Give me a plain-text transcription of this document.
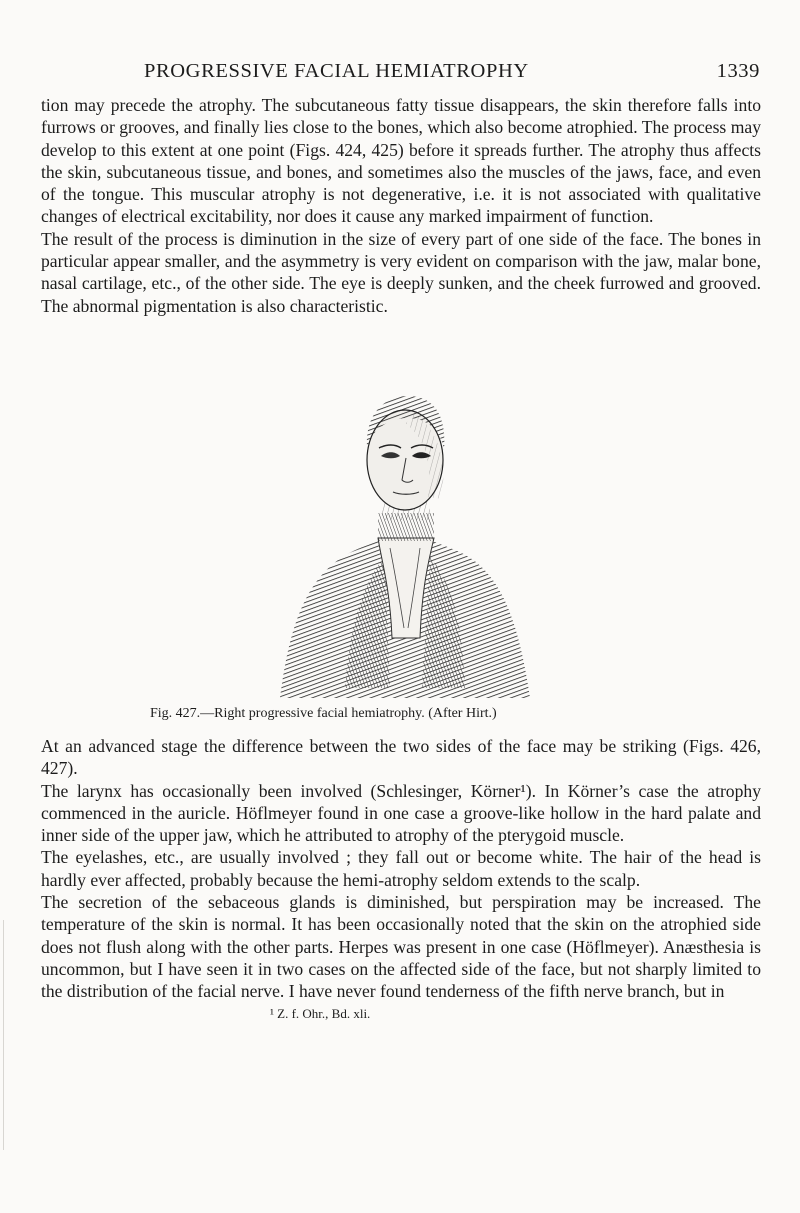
PROGRESSIVE FACIAL HEMIATROPHY	1339

tion may precede the atrophy. The subcutaneous fatty tissue disappears, the skin therefore falls into furrows or grooves, and finally lies close to the bones, which also become atrophied. The process may develop to this extent at one point (Figs. 424, 425) before it spreads further. The atrophy thus affects the skin, subcutaneous tissue, and bones, and sometimes also the muscles of the jaws, face, and even of the tongue. This muscular atrophy is not degenerative, i.e. it is not associated with qualitative changes of electrical excitability, nor does it cause any marked impairment of function.

The result of the process is diminution in the size of every part of one side of the face. The bones in particular appear smaller, and the asymmetry is very evident on comparison with the jaw, malar bone, nasal cartilage, etc., of the other side. The eye is deeply sunken, and the cheek furrowed and grooved. The abnormal pigmentation is also characteristic.

Fig. 427.—Right progressive facial hemiatrophy. (After Hirt.)

At an advanced stage the difference between the two sides of the face may be striking (Figs. 426, 427).

The larynx has occasionally been involved (Schlesinger, Körner¹). In Körner’s case the atrophy commenced in the auricle. Höflmeyer found in one case a groove-like hollow in the hard palate and inner side of the upper jaw, which he attributed to atrophy of the pterygoid muscle.

The eyelashes, etc., are usually involved ; they fall out or become white. The hair of the head is hardly ever affected, probably because the hemi-atrophy seldom extends to the scalp.

The secretion of the sebaceous glands is diminished, but perspiration may be increased. The temperature of the skin is normal. It has been occasionally noted that the skin on the atrophied side does not flush along with the other parts. Herpes was present in one case (Höflmeyer). Anæsthesia is uncommon, but I have seen it in two cases on the affected side of the face, but not sharply limited to the distribution of the facial nerve. I have never found tenderness of the fifth nerve branch, but in

¹ Z. f. Ohr., Bd. xli.
